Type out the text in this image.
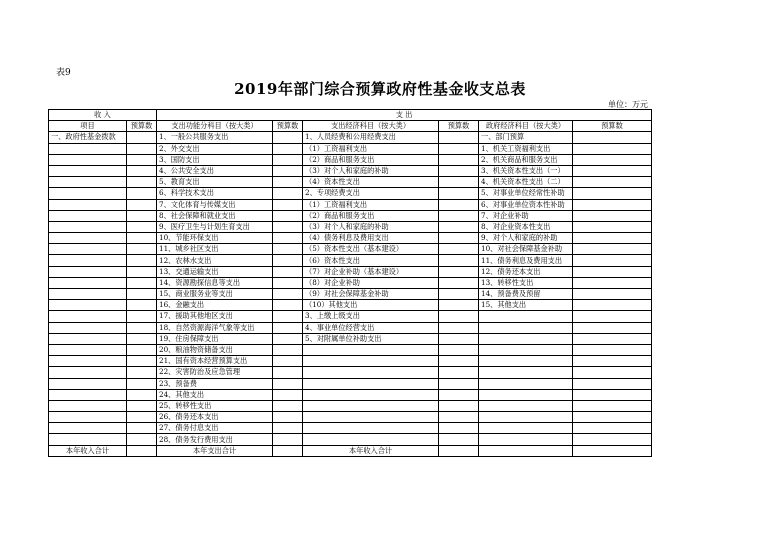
表9
2019年部门综合预算政府性基金收支总表
单位：万元
收 入		支 出					
项目	预算数	支出功能分科目（按大类）	预算数	支出经济科目（按大类）	预算数	政府经济科目（按大类）	预算数
一、政府性基金拨款		1、一般公共服务支出		1、人员经费和公用经费支出		一、部门预算	
		2、外交支出		（1）工资福利支出		1、机关工资福利支出	
		3、国防支出		（2）商品和服务支出		2、机关商品和服务支出	
		4、公共安全支出		（3）对个人和家庭的补助		3、机关资本性支出（一）	
		5、教育支出		（4）资本性支出		4、机关资本性支出（二）	
		6、科学技术支出		2、专项经费支出		5、对事业单位经常性补助	
		7、文化体育与传媒支出		（1）工资福利支出		6、对事业单位资本性补助	
		8、社会保障和就业支出		（2）商品和服务支出		7、对企业补助	
		9、医疗卫生与计划生育支出		（3）对个人和家庭的补助		8、对企业资本性支出	
		10、节能环保支出		（4）债务利息及费用支出		9、对个人和家庭的补助	
		11、城乡社区支出		（5）资本性支出（基本建设）		10、对社会保障基金补助	
		12、农林水支出		（6）资本性支出		11、债务利息及费用支出	
		13、交通运输支出		（7）对企业补助（基本建设）		12、债务还本支出	
		14、资源勘探信息等支出		（8）对企业补助		13、转移性支出	
		15、商业服务业等支出		（9）对社会保障基金补助		14、预备费及预留	
		16、金融支出		（10）其他支出		15、其他支出	
		17、援助其他地区支出		3、上缴上级支出			
		18、自然资源海洋气象等支出		4、事业单位经营支出			
		19、住房保障支出		5、对附属单位补助支出			
		20、粮油物资储备支出					
		21、国有资本经营预算支出					
		22、灾害防治及应急管理					
		23、预备费					
		24、其他支出					
		25、转移性支出					
		26、债务还本支出					
		27、债务付息支出					
		28、债务发行费用支出					
本年收入合计		本年支出合计		本年收入合计			
